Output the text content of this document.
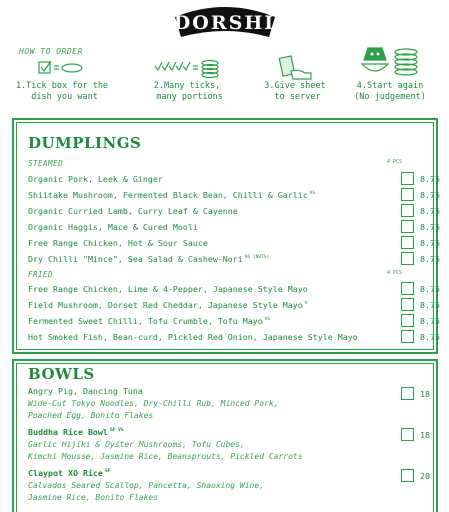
DORSHI
HOW TO ORDER
1.Tick box for the
dish you want
2.Many ticks,
many portions
3.Give sheet
to server
4.Start again
(No judgement)
DUMPLINGS
STEAMED	4 PCS
Organic Pork, Leek & Ginger	8.75
Shiitake Mushroom, Fermented Black Bean, Chilli & Garlic $^{VG}$	8.75
Organic Curried Lamb, Curry Leaf & Cayenne	8.75
Organic Haggis, Mace & Cured Mooli	8.75
Free Range Chicken, Hot & Sour Sauce	8.75
Dry Chilli "Mince", Sea Salad & Cashew-Nori $^{VG (NUTS)}$	8.75
FRIED	4 PCS
Free Range Chicken, Lime & 4-Pepper, Japanese Style Mayo	8.75
Field Mushroom, Dorset Red Cheddar, Japanese Style Mayo $^V$	8.75
Fermented Sweet Chilli, Tofu Crumble, Tofu Mayo $^{VG}$	8.75
Hot Smoked Fish, Bean-curd, Pickled Red Onion, Japanese Style Mayo	8.75
BOWLS
Angry Pig, Dancing Tuna
Wide-Cut Tokyo Noodles, Dry-Chilli Rub, Minced Pork,
Poached Egg, Bonito Flakes
18
Buddha Rice Bowl $^{GF VG}$
Garlic Hijiki & Oyster Mushrooms, Tofu Cubes,
Kimchi Mousse, Jasmine Rice, Beansprouts, Pickled Carrots
18
Claypot XO Rice $^{GF}$
Calvados Seared Scallop, Pancetta, Shaoxing Wine,
Jasmine Rice, Bonito Flakes
20
